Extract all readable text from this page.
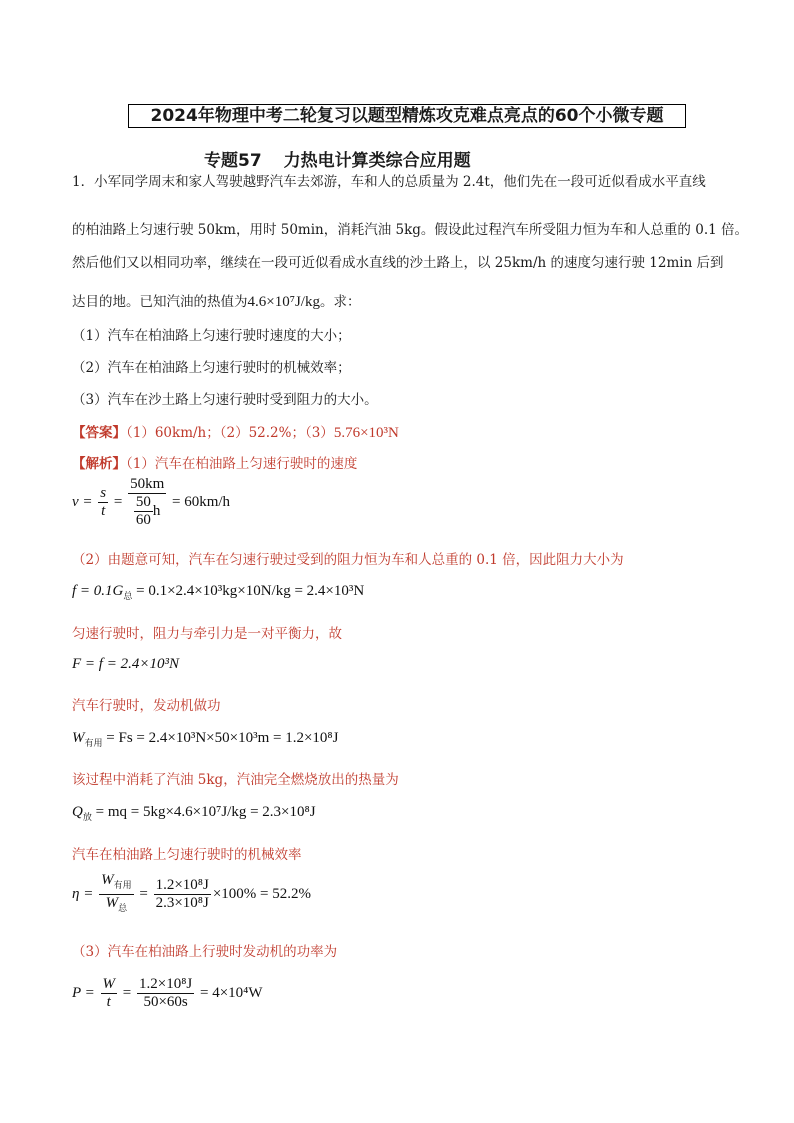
2024年物理中考二轮复习以题型精炼攻克难点亮点的60个小微专题
专题57 力热电计算类综合应用题
1．小军同学周末和家人驾驶越野汽车去郊游，车和人的总质量为 2.4t，他们先在一段可近似看成水平直线
的柏油路上匀速行驶 50km，用时 50min，消耗汽油 5kg。假设此过程汽车所受阻力恒为车和人总重的 0.1 倍。
然后他们又以相同功率，继续在一段可近似看成水直线的沙土路上，以 25km/h 的速度匀速行驶 12min 后到
达目的地。已知汽油的热值为4.6×10⁷J/kg。求：
（1）汽车在柏油路上匀速行驶时速度的大小；
（2）汽车在柏油路上匀速行驶时的机械效率；
（3）汽车在沙土路上匀速行驶时受到阻力的大小。
【答案】（1）60km/h；（2）52.2%；（3）5.76×10³N
【解析】（1）汽车在柏油路上匀速行驶时的速度
$v = \frac{s}{t} = \frac{50km}{\frac{50}{60} h} = 60km/h$
（2）由题意可知，汽车在匀速行驶过受到的阻力恒为车和人总重的 0.1 倍，因此阻力大小为
$f = 0.1G_总 = 0.1\times 2.4\times 10^3kg\times 10N/kg = 2.4\times 10^3N$
匀速行驶时，阻力与牵引力是一对平衡力，故
F = f = 2.4×10³N
汽车行驶时，发动机做功
$W_{有用} = Fs = 2.4\times 10^3N\times 50\times 10^3m = 1.2\times 10^8J$
该过程中消耗了汽油 5kg，汽油完全燃烧放出的热量为
$Q_放$ = mq = 5kg×4.6×10⁷J/kg = 2.3×10⁸J
汽车在柏油路上匀速行驶时的机械效率
$\eta = \frac{W_{有用}}{W_总} = \frac{\text{1.2×10⁸J}}{\text{2.3×10⁸J}} \times 100\% = 52.2\%$
（3）汽车在柏油路上行驶时发动机的功率为
$P = \frac{W}{t} = \frac{\text{1.2×10⁸J}}{50\times 60s} = 4\times 10^4W$
